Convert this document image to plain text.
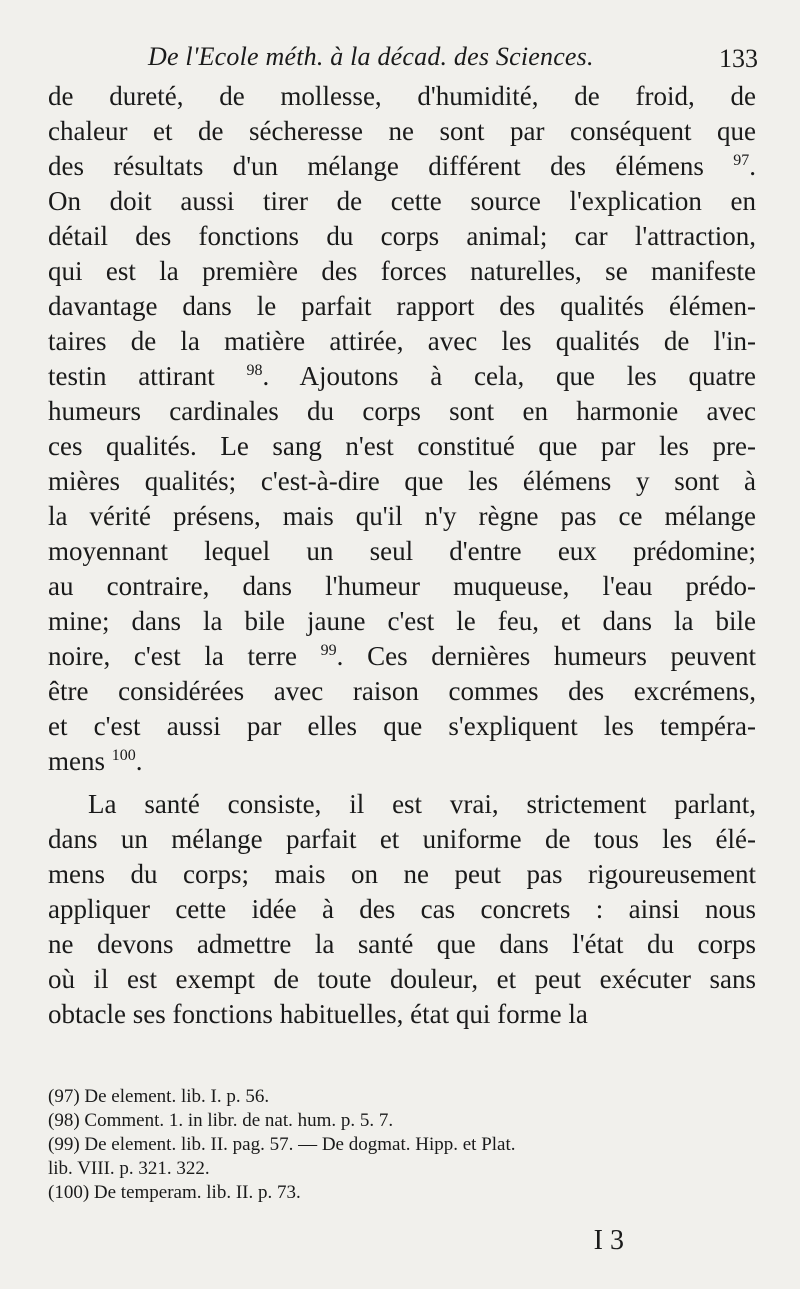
De l'Ecole méth. à la décad. des Sciences.	133
de dureté, de mollesse, d'humidité, de froid, de
chaleur et de sécheresse ne sont par conséquent que
des résultats d'un mélange différent des élémens $^{97}$.
On doit aussi tirer de cette source l'explication en
détail des fonctions du corps animal; car l'attraction,
qui est la première des forces naturelles, se manifeste
davantage dans le parfait rapport des qualités élémen-
taires de la matière attirée, avec les qualités de l'in-
testin attirant $^{98}$. Ajoutons à cela, que les quatre
humeurs cardinales du corps sont en harmonie avec
ces qualités. Le sang n'est constitué que par les pre-
mières qualités; c'est-à-dire que les élémens y sont à
la vérité présens, mais qu'il n'y règne pas ce mélange
moyennant lequel un seul d'entre eux prédomine;
au contraire, dans l'humeur muqueuse, l'eau prédo-
mine; dans la bile jaune c'est le feu, et dans la bile
noire, c'est la terre $^{99}$. Ces dernières humeurs peuvent
être considérées avec raison commes des excrémens,
et c'est aussi par elles que s'expliquent les tempéra-
mens $^{100}$.
La santé consiste, il est vrai, strictement parlant,
dans un mélange parfait et uniforme de tous les élé-
mens du corps; mais on ne peut pas rigoureusement
appliquer cette idée à des cas concrets : ainsi nous
ne devons admettre la santé que dans l'état du corps
où il est exempt de toute douleur, et peut exécuter sans
obtacle ses fonctions habituelles, état qui forme la
(97) De element. lib. I. p. 56.
(98) Comment. 1. in libr. de nat. hum. p. 5. 7.
(99) De element. lib. II. pag. 57. — De dogmat. Hipp. et Plat.
lib. VIII. p. 321. 322.
(100) De temperam. lib. II. p. 73.
I 3
